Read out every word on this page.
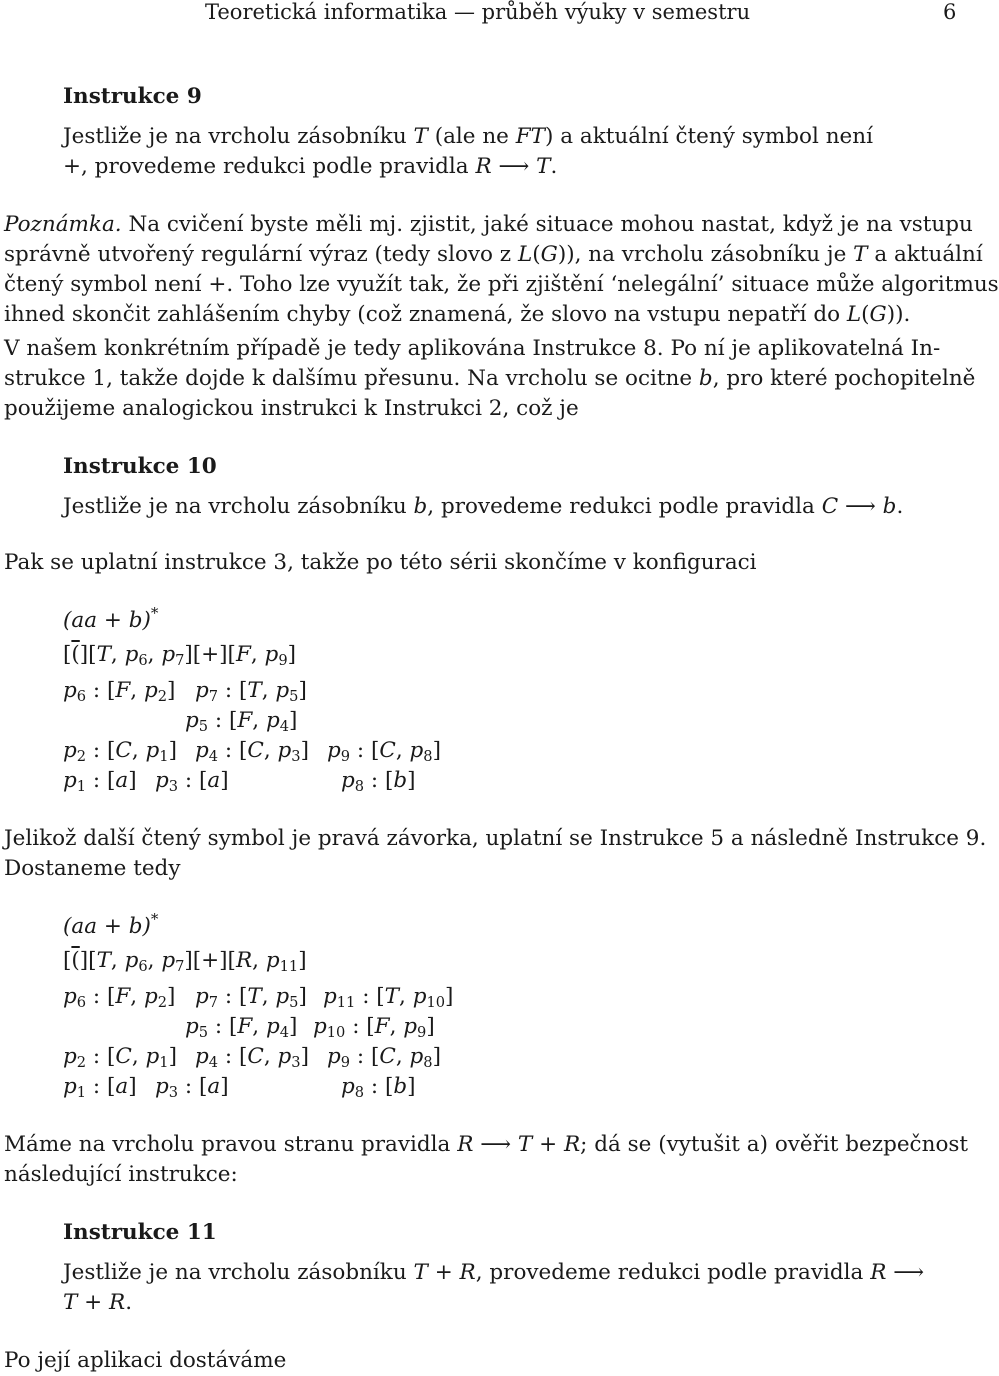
Teoretická informatika — průběh výuky v semestru	6
Instrukce 9
Jestliže je na vrcholu zásobníku T (ale ne FT) a aktuální čtený symbol není
+, provedeme redukci podle pravidla R ⟶ T.
Poznámka. Na cvičení byste měli mj. zjistit, jaké situace mohou nastat, když je na vstupu
správně utvořený regulární výraz (tedy slovo z L(G)), na vrcholu zásobníku je T a aktuální
čtený symbol není +. Toho lze využít tak, že při zjištění ‘nelegální’ situace může algoritmus
ihned skončit zahlášením chyby (což znamená, že slovo na vstupu nepatří do L(G)).
V našem konkrétním případě je tedy aplikována Instrukce 8. Po ní je aplikovatelná In-
strukce 1, takže dojde k dalšímu přesunu. Na vrcholu se ocitne b, pro které pochopitelně
použijeme analogickou instrukci k Instrukci 2, což je
Instrukce 10
Jestliže je na vrcholu zásobníku b, provedeme redukci podle pravidla C ⟶ b.
Pak se uplatní instrukce 3, takže po této sérii skončíme v konfiguraci
(aa + b)*
[(][T, $p_6$, $p_7][+][F$, $p_9$]
$p_6$ : [F, $p_2$] $p_7$ : [T, $p_5$]
$p_5$ : [F, $p_4$]
$p_2$ : [C, $p_1$] $p_4$ : [C, $p_3$] $p_9$ : [C, $p_8$]
$p_1$ : [a] $p_3$ : [a]	$p_8$ : [b]
Jelikož další čtený symbol je pravá závorka, uplatní se Instrukce 5 a následně Instrukce 9.
Dostaneme tedy
(aa + b)*
[(][T, $p_6$, $p_7][+][R$, $p_{11}$]
$p_6$ : [F, $p_2$] $p_7$ : [T, $p_5$] $p_{11}$ : [T, $p_{10}$]
$p_5$ : [F, $p_4$] $p_{10}$ : [F, $p_9$]
$p_2$ : [C, $p_1$] $p_4$ : [C, $p_3$] $p_9$ : [C, $p_8$]
$p_1$ : [a] $p_3$ : [a]	$p_8$ : [b]
Máme na vrcholu pravou stranu pravidla R ⟶ T + R; dá se (vytušit a) ověřit bezpečnost
následující instrukce:
Instrukce 11
Jestliže je na vrcholu zásobníku T + R, provedeme redukci podle pravidla R ⟶
T + R.
Po její aplikaci dostáváme
